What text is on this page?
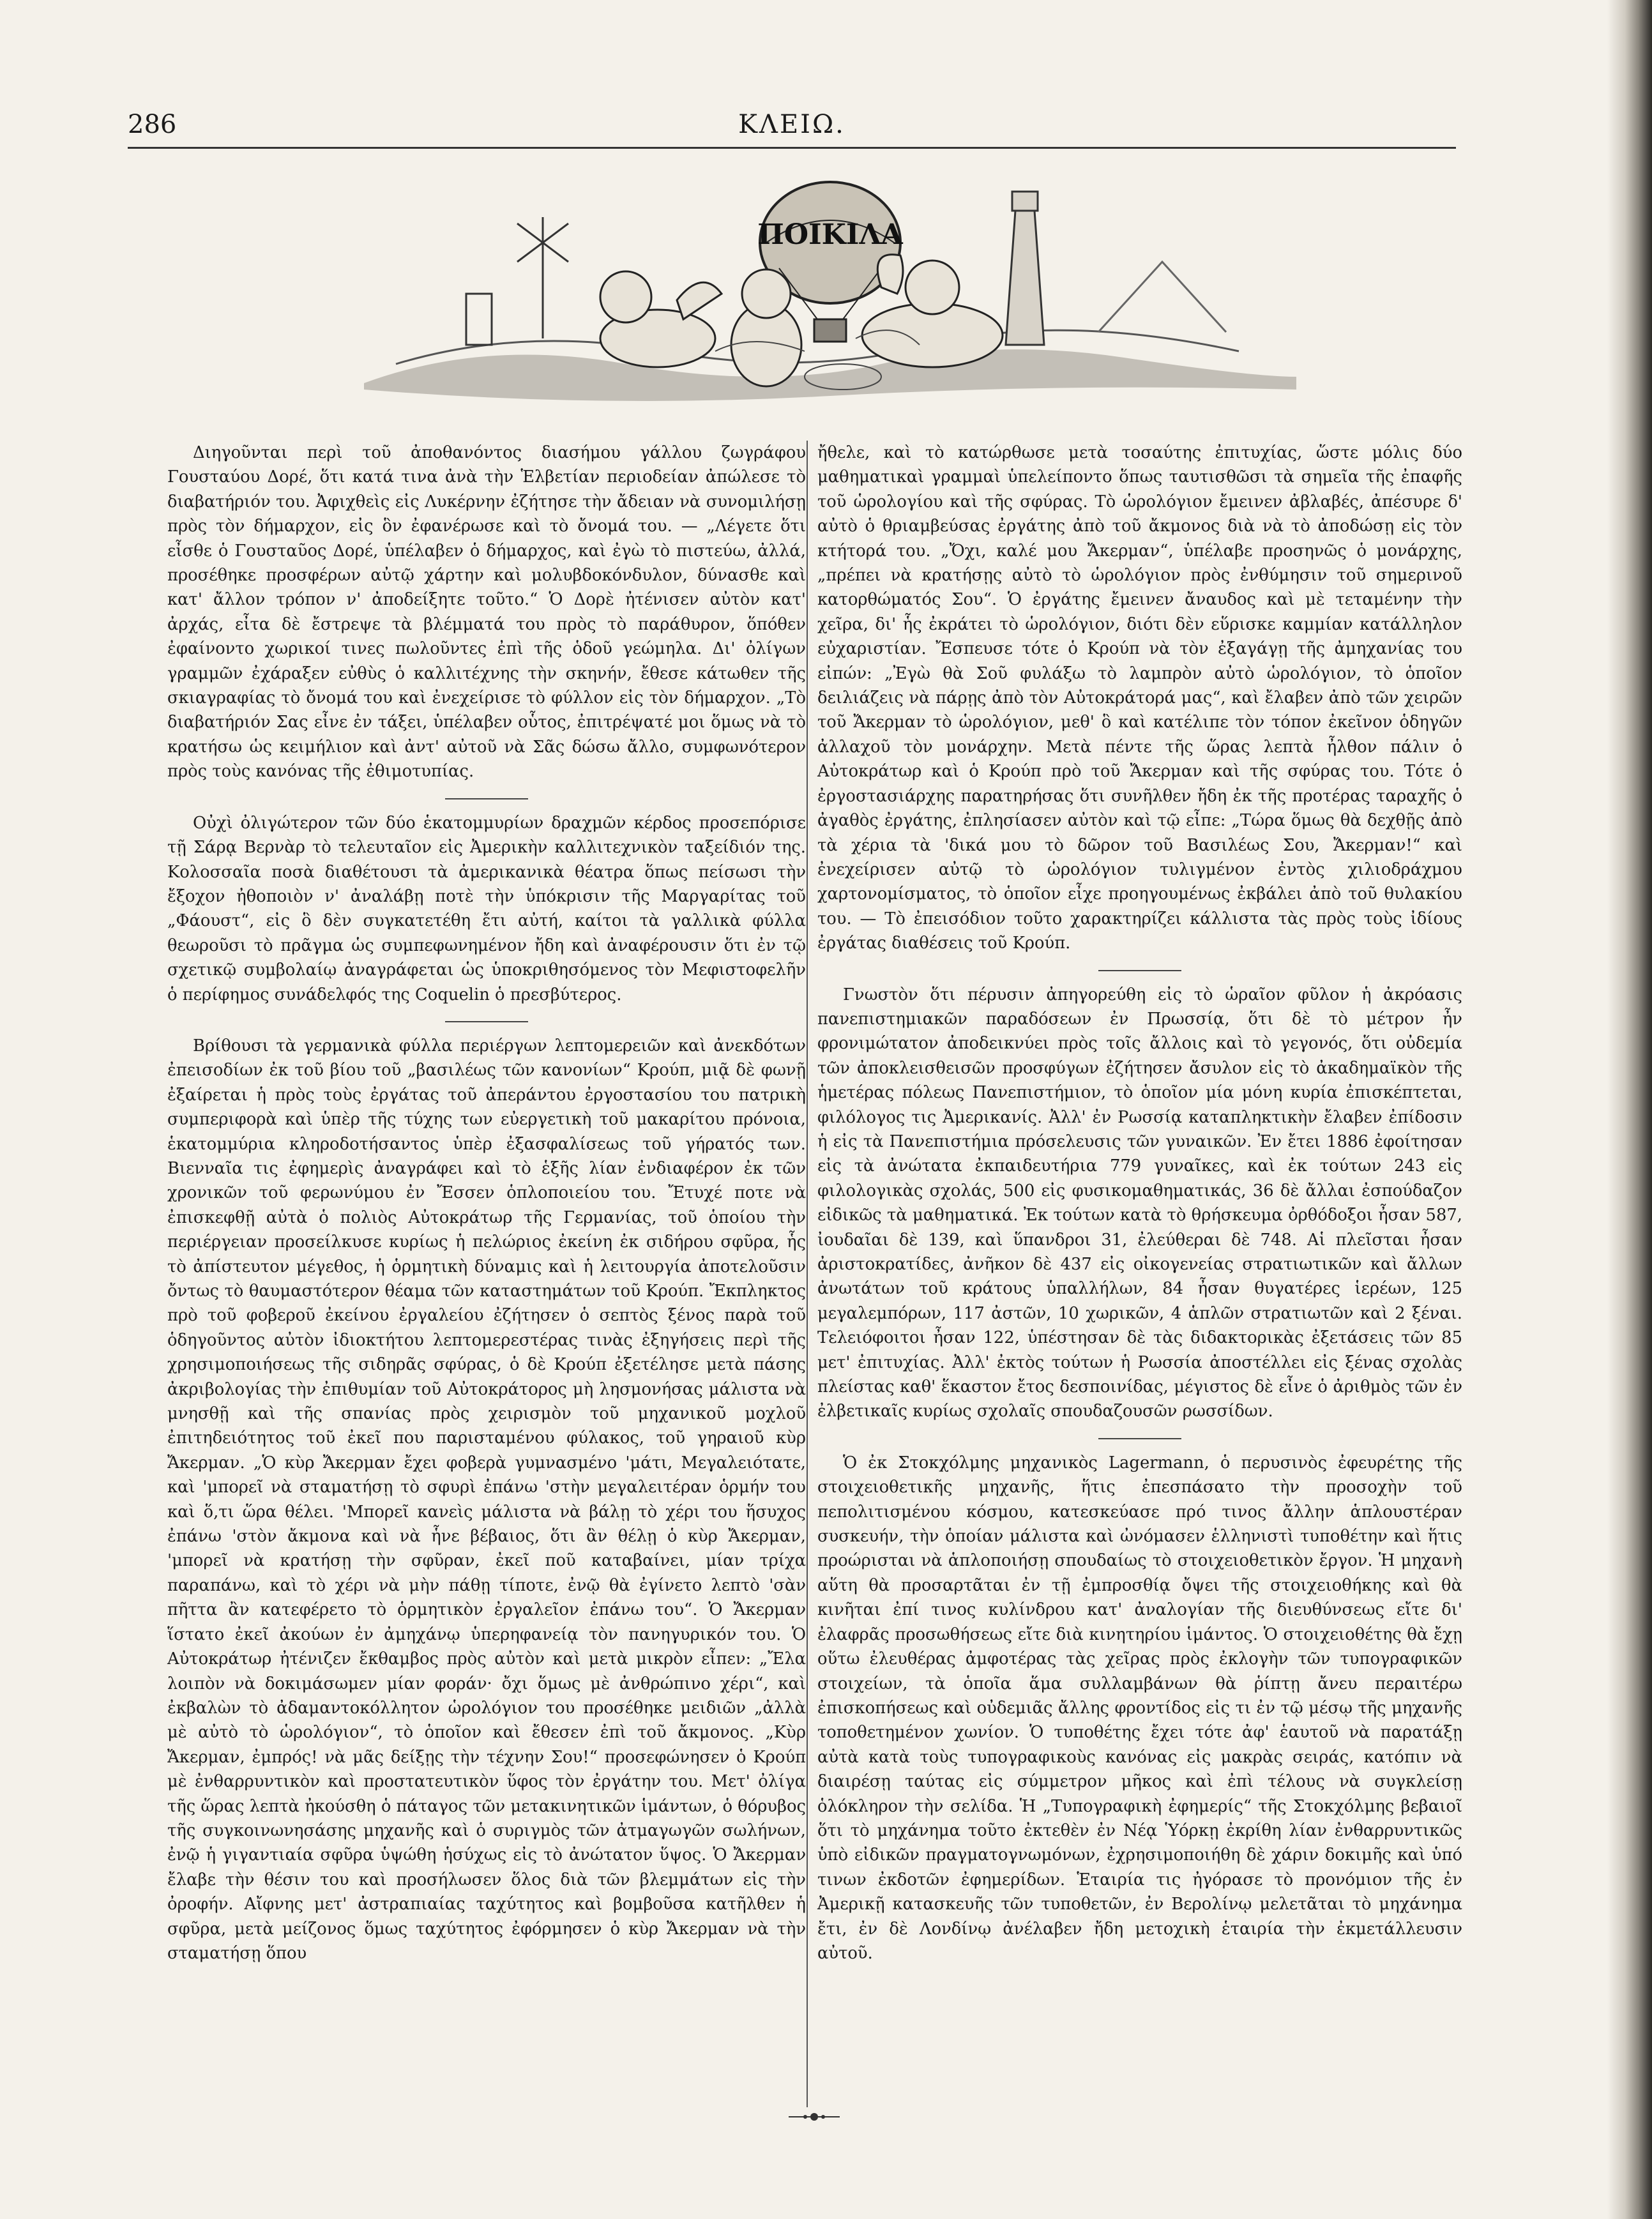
286	ΚΛΕΙΩ.
ΠΟΙΚΙΛΑ

Διηγοῦνται περὶ τοῦ ἀποθανόντος διασήμου γάλλου ζωγράφου Γουσταύου Δορέ, ὅτι κατά τινα ἀνὰ τὴν Ἑλβετίαν περιοδείαν ἀπώλεσε τὸ διαβατήριόν του. Ἀφιχθεὶς εἰς Λυκέρνην ἐζήτησε τὴν ἄδειαν νὰ συνομιλήσῃ πρὸς τὸν δήμαρχον, εἰς ὃν ἐφανέρωσε καὶ τὸ ὄνομά του. — „Λέγετε ὅτι εἶσθε ὁ Γουσταῦος Δορέ, ὑπέλαβεν ὁ δήμαρχος, καὶ ἐγὼ τὸ πιστεύω, ἀλλά, προσέθηκε προσφέρων αὐτῷ χάρτην καὶ μολυβδοκόνδυλον, δύνασθε καὶ κατ' ἄλλον τρόπον ν' ἀποδείξητε τοῦτο.“ Ὁ Δορὲ ἠτένισεν αὐτὸν κατ' ἀρχάς, εἶτα δὲ ἔστρεψε τὰ βλέμματά του πρὸς τὸ παράθυρον, ὅπόθεν ἐφαίνοντο χωρικοί τινες πωλοῦντες ἐπὶ τῆς ὁδοῦ γεώμηλα. Δι' ὀλίγων γραμμῶν ἐχάραξεν εὐθὺς ὁ καλλιτέχνης τὴν σκηνήν, ἔθεσε κάτωθεν τῆς σκιαγραφίας τὸ ὄνομά του καὶ ἐνεχείρισε τὸ φύλλον εἰς τὸν δήμαρχον. „Τὸ διαβατήριόν Σας εἶνε ἐν τάξει, ὑπέλαβεν οὗτος, ἐπιτρέψατέ μοι ὅμως νὰ τὸ κρατήσω ὡς κειμήλιον καὶ ἀντ' αὐτοῦ νὰ Σᾶς δώσω ἄλλο, συμφωνότερον πρὸς τοὺς κανόνας τῆς ἐθιμοτυπίας.

Οὐχὶ ὀλιγώτερον τῶν δύο ἑκατομμυρίων δραχμῶν κέρδος προσεπόρισε τῇ Σάρᾳ Βερνὰρ τὸ τελευταῖον εἰς Ἀμερικὴν καλλιτεχνικὸν ταξείδιόν της. Κολοσσαῖα ποσὰ διαθέτουσι τὰ ἀμερικανικὰ θέατρα ὅπως πείσωσι τὴν ἔξοχον ἠθοποιὸν ν' ἀναλάβῃ ποτὲ τὴν ὑπόκρισιν τῆς Μαργαρίτας τοῦ „Φάουστ“, εἰς ὃ δὲν συγκατετέθη ἔτι αὐτή, καίτοι τὰ γαλλικὰ φύλλα θεωροῦσι τὸ πρᾶγμα ὡς συμπεφωνημένον ἤδη καὶ ἀναφέρουσιν ὅτι ἐν τῷ σχετικῷ συμβολαίῳ ἀναγράφεται ὡς ὑποκριθησόμενος τὸν Μεφιστοφελῆν ὁ περίφημος συνάδελφός της Coquelin ὁ πρεσβύτερος.

Βρίθουσι τὰ γερμανικὰ φύλλα περιέργων λεπτομερειῶν καὶ ἀνεκδότων ἐπεισοδίων ἐκ τοῦ βίου τοῦ „βασιλέως τῶν κανονίων“ Κρούπ, μιᾷ δὲ φωνῇ ἐξαίρεται ἡ πρὸς τοὺς ἐργάτας τοῦ ἀπεράντου ἐργοστασίου του πατρικὴ συμπεριφορὰ καὶ ὑπὲρ τῆς τύχης των εὐεργετικὴ τοῦ μακαρίτου πρόνοια, ἑκατομμύρια κληροδοτήσαντος ὑπὲρ ἐξασφαλίσεως τοῦ γήρατός των. Βιενναῖα τις ἐφημερὶς ἀναγράφει καὶ τὸ ἑξῆς λίαν ἐνδιαφέρον ἐκ τῶν χρονικῶν τοῦ φερωνύμου ἐν Ἔσσεν ὁπλοποιείου του. Ἔτυχέ ποτε νὰ ἐπισκεφθῇ αὐτὰ ὁ πολιὸς Αὐτοκράτωρ τῆς Γερμανίας, τοῦ ὁποίου τὴν περιέργειαν προσείλκυσε κυρίως ἡ πελώριος ἐκείνη ἐκ σιδήρου σφῦρα, ἧς τὸ ἀπίστευτον μέγεθος, ἡ ὁρμητικὴ δύναμις καὶ ἡ λειτουργία ἀποτελοῦσιν ὄντως τὸ θαυμαστότερον θέαμα τῶν καταστημάτων τοῦ Κρούπ. Ἔκπληκτος πρὸ τοῦ φοβεροῦ ἐκείνου ἐργαλείου ἐζήτησεν ὁ σεπτὸς ξένος παρὰ τοῦ ὁδηγοῦντος αὐτὸν ἰδιοκτήτου λεπτομερεστέρας τινὰς ἐξηγήσεις περὶ τῆς χρησιμοποιήσεως τῆς σιδηρᾶς σφύρας, ὁ δὲ Κρούπ ἐξετέλησε μετὰ πάσης ἀκριβολογίας τὴν ἐπιθυμίαν τοῦ Αὐτοκράτορος μὴ λησμονήσας μάλιστα νὰ μνησθῇ καὶ τῆς σπανίας πρὸς χειρισμὸν τοῦ μηχανικοῦ μοχλοῦ ἐπιτηδειότητος τοῦ ἐκεῖ που παρισταμένου φύλακος, τοῦ γηραιοῦ κὺρ Ἄκερμαν. „Ὁ κὺρ Ἄκερμαν ἔχει φοβερὰ γυμνασμένο 'μάτι, Μεγαλειότατε, καὶ 'μπορεῖ νὰ σταματήσῃ τὸ σφυρὶ ἐπάνω 'στὴν μεγαλειτέραν ὁρμήν του καὶ ὅ,τι ὥρα θέλει. 'Μπορεῖ κανεὶς μάλιστα νὰ βάλῃ τὸ χέρι του ἥσυχος ἐπάνω 'στὸν ἄκμονα καὶ νὰ ἧνε βέβαιος, ὅτι ἂν θέλῃ ὁ κὺρ Ἄκερμαν, 'μπορεῖ νὰ κρατήσῃ τὴν σφῦραν, ἐκεῖ ποῦ καταβαίνει, μίαν τρίχα παραπάνω, καὶ τὸ χέρι νὰ μὴν πάθῃ τίποτε, ἐνῷ θὰ ἐγίνετο λεπτὸ 'σὰν πῆττα ἂν κατεφέρετο τὸ ὁρμητικὸν ἐργαλεῖον ἐπάνω του“. Ὁ Ἄκερμαν ἵστατο ἐκεῖ ἀκούων ἐν ἀμηχάνῳ ὑπερηφανείᾳ τὸν πανηγυρικόν του. Ὁ Αὐτοκράτωρ ἠτένιζεν ἔκθαμβος πρὸς αὐτὸν καὶ μετὰ μικρὸν εἶπεν: „Ἔλα λοιπὸν νὰ δοκιμάσωμεν μίαν φοράν· ὄχι ὅμως μὲ ἀνθρώπινο χέρι“, καὶ ἐκβαλὼν τὸ ἀδαμαντοκόλλητον ὡρολόγιον του προσέθηκε μειδιῶν „ἀλλὰ μὲ αὐτὸ τὸ ὡρολόγιον“, τὸ ὁποῖον καὶ ἔθεσεν ἐπὶ τοῦ ἄκμονος. „Κὺρ Ἄκερμαν, ἐμπρός! νὰ μᾶς δείξῃς τὴν τέχνην Σου!“ προσεφώνησεν ὁ Κρούπ μὲ ἐνθαρρυντικὸν καὶ προστατευτικὸν ὕφος τὸν ἐργάτην του. Μετ' ὀλίγα τῆς ὥρας λεπτὰ ἠκούσθη ὁ πάταγος τῶν μετακινητικῶν ἱμάντων, ὁ θόρυβος τῆς συγκοινωνησάσης μηχανῆς καὶ ὁ συριγμὸς τῶν ἀτμαγωγῶν σωλήνων, ἐνῷ ἡ γιγαντιαία σφῦρα ὑψώθη ἡσύχως εἰς τὸ ἀνώτατον ὕψος. Ὁ Ἄκερμαν ἔλαβε τὴν θέσιν του καὶ προσήλωσεν ὅλος διὰ τῶν βλεμμάτων εἰς τὴν ὀροφήν. Αἴφνης μετ' ἀστραπιαίας ταχύτητος καὶ βομβοῦσα κατῆλθεν ἡ σφῦρα, μετὰ μείζονος ὅμως ταχύτητος ἐφόρμησεν ὁ κὺρ Ἄκερμαν νὰ τὴν σταματήσῃ ὅπου

ἤθελε, καὶ τὸ κατώρθωσε μετὰ τοσαύτης ἐπιτυχίας, ὥστε μόλις δύο μαθηματικαὶ γραμμαὶ ὑπελείποντο ὅπως ταυτισθῶσι τὰ σημεῖα τῆς ἐπαφῆς τοῦ ὡρολογίου καὶ τῆς σφύρας. Τὸ ὡρολόγιον ἔμεινεν ἀβλαβές, ἀπέσυρε δ' αὐτὸ ὁ θριαμβεύσας ἐργάτης ἀπὸ τοῦ ἄκμονος διὰ νὰ τὸ ἀποδώσῃ εἰς τὸν κτήτορά του. „Ὄχι, καλέ μου Ἄκερμαν“, ὑπέλαβε προσηνῶς ὁ μονάρχης, „πρέπει νὰ κρατήσῃς αὐτὸ τὸ ὡρολόγιον πρὸς ἐνθύμησιν τοῦ σημερινοῦ κατορθώματός Σου“. Ὁ ἐργάτης ἔμεινεν ἄναυδος καὶ μὲ τεταμένην τὴν χεῖρα, δι' ἧς ἐκράτει τὸ ὡρολόγιον, διότι δὲν εὕρισκε καμμίαν κατάλληλον εὐχαριστίαν. Ἔσπευσε τότε ὁ Κρούπ νὰ τὸν ἐξαγάγῃ τῆς ἀμηχανίας του εἰπών: „Ἐγὼ θὰ Σοῦ φυλάξω τὸ λαμπρὸν αὐτὸ ὡρολόγιον, τὸ ὁποῖον δειλιάζεις νὰ πάρῃς ἀπὸ τὸν Αὐτοκράτορά μας“, καὶ ἔλαβεν ἀπὸ τῶν χειρῶν τοῦ Ἄκερμαν τὸ ὡρολόγιον, μεθ' ὃ καὶ κατέλιπε τὸν τόπον ἐκεῖνον ὁδηγῶν ἀλλαχοῦ τὸν μονάρχην. Μετὰ πέντε τῆς ὥρας λεπτὰ ἦλθον πάλιν ὁ Αὐτοκράτωρ καὶ ὁ Κρούπ πρὸ τοῦ Ἄκερμαν καὶ τῆς σφύρας του. Τότε ὁ ἐργοστασιάρχης παρατηρήσας ὅτι συνῆλθεν ἤδη ἐκ τῆς προτέρας ταραχῆς ὁ ἀγαθὸς ἐργάτης, ἐπλησίασεν αὐτὸν καὶ τῷ εἶπε: „Τώρα ὅμως θὰ δεχθῇς ἀπὸ τὰ χέρια τὰ 'δικά μου τὸ δῶρον τοῦ Βασιλέως Σου, Ἄκερμαν!“ καὶ ἐνεχείρισεν αὐτῷ τὸ ὡρολόγιον τυλιγμένον ἐντὸς χιλιοδράχμου χαρτονομίσματος, τὸ ὁποῖον εἶχε προηγουμένως ἐκβάλει ἀπὸ τοῦ θυλακίου του. — Τὸ ἐπεισόδιον τοῦτο χαρακτηρίζει κάλλιστα τὰς πρὸς τοὺς ἰδίους ἐργάτας διαθέσεις τοῦ Κρούπ.

Γνωστὸν ὅτι πέρυσιν ἀπηγορεύθη εἰς τὸ ὡραῖον φῦλον ἡ ἀκρόασις πανεπιστημιακῶν παραδόσεων ἐν Πρωσσίᾳ, ὅτι δὲ τὸ μέτρον ἦν φρονιμώτατον ἀποδεικνύει πρὸς τοῖς ἄλλοις καὶ τὸ γεγονός, ὅτι οὐδεμία τῶν ἀποκλεισθεισῶν προσφύγων ἐζήτησεν ἄσυλον εἰς τὸ ἀκαδημαϊκὸν τῆς ἡμετέρας πόλεως Πανεπιστήμιον, τὸ ὁποῖον μία μόνη κυρία ἐπισκέπτεται, φιλόλογος τις Ἀμερικανίς. Ἀλλ' ἐν Ρωσσίᾳ καταπληκτικὴν ἔλαβεν ἐπίδοσιν ἡ εἰς τὰ Πανεπιστήμια πρόσελευσις τῶν γυναικῶν. Ἐν ἔτει 1886 ἐφοίτησαν εἰς τὰ ἀνώτατα ἐκπαιδευτήρια 779 γυναῖκες, καὶ ἐκ τούτων 243 εἰς φιλολογικὰς σχολάς, 500 εἰς φυσικομαθηματικάς, 36 δὲ ἄλλαι ἐσπούδαζον εἰδικῶς τὰ μαθηματικά. Ἐκ τούτων κατὰ τὸ θρήσκευμα ὀρθόδοξοι ἦσαν 587, ἰουδαῖαι δὲ 139, καὶ ὕπανδροι 31, ἐλεύθεραι δὲ 748. Αἱ πλεῖσται ἦσαν ἀριστοκρατίδες, ἀνῆκον δὲ 437 εἰς οἰκογενείας στρατιωτικῶν καὶ ἄλλων ἀνωτάτων τοῦ κράτους ὑπαλλήλων, 84 ἦσαν θυγατέρες ἱερέων, 125 μεγαλεμπόρων, 117 ἀστῶν, 10 χωρικῶν, 4 ἁπλῶν στρατιωτῶν καὶ 2 ξέναι. Τελειόφοιτοι ἦσαν 122, ὑπέστησαν δὲ τὰς διδακτορικὰς ἐξετάσεις τῶν 85 μετ' ἐπιτυχίας. Ἀλλ' ἐκτὸς τούτων ἡ Ρωσσία ἀποστέλλει εἰς ξένας σχολὰς πλείστας καθ' ἕκαστον ἔτος δεσποινίδας, μέγιστος δὲ εἶνε ὁ ἀριθμὸς τῶν ἐν ἐλβετικαῖς κυρίως σχολαῖς σπουδαζουσῶν ρωσσίδων.

Ὁ ἐκ Στοκχόλμης μηχανικὸς Lagermann, ὁ περυσινὸς ἐφευρέτης τῆς στοιχειοθετικῆς μηχανῆς, ἥτις ἐπεσπάσατο τὴν προσοχὴν τοῦ πεπολιτισμένου κόσμου, κατεσκεύασε πρό τινος ἄλλην ἁπλουστέραν συσκευήν, τὴν ὁποίαν μάλιστα καὶ ὠνόμασεν ἑλληνιστὶ τυποθέτην καὶ ἥτις προώρισται νὰ ἁπλοποιήσῃ σπουδαίως τὸ στοιχειοθετικὸν ἔργον. Ἡ μηχανὴ αὕτη θὰ προσαρτᾶται ἐν τῇ ἐμπροσθίᾳ ὄψει τῆς στοιχειοθήκης καὶ θὰ κινῆται ἐπί τινος κυλίνδρου κατ' ἀναλογίαν τῆς διευθύνσεως εἴτε δι' ἐλαφρᾶς προσωθήσεως εἴτε διὰ κινητηρίου ἱμάντος. Ὁ στοιχειοθέτης θὰ ἔχῃ οὕτω ἐλευθέρας ἀμφοτέρας τὰς χεῖρας πρὸς ἐκλογὴν τῶν τυπογραφικῶν στοιχείων, τὰ ὁποῖα ἅμα συλλαμβάνων θὰ ῥίπτῃ ἄνευ περαιτέρω ἐπισκοπήσεως καὶ οὐδεμιᾶς ἄλλης φροντίδος εἰς τι ἐν τῷ μέσῳ τῆς μηχανῆς τοποθετημένον χωνίον. Ὁ τυποθέτης ἔχει τότε ἀφ' ἑαυτοῦ νὰ παρατάξῃ αὐτὰ κατὰ τοὺς τυπογραφικοὺς κανόνας εἰς μακρὰς σειράς, κατόπιν νὰ διαιρέσῃ ταύτας εἰς σύμμετρον μῆκος καὶ ἐπὶ τέλους νὰ συγκλείσῃ ὁλόκληρον τὴν σελίδα. Ἡ „Τυπογραφικὴ ἐφημερίς“ τῆς Στοκχόλμης βεβαιοῖ ὅτι τὸ μηχάνημα τοῦτο ἐκτεθὲν ἐν Νέᾳ Ὑόρκῃ ἐκρίθη λίαν ἐνθαρρυντικῶς ὑπὸ εἰδικῶν πραγματογνωμόνων, ἐχρησιμοποιήθη δὲ χάριν δοκιμῆς καὶ ὑπό τινων ἐκδοτῶν ἐφημερίδων. Ἑταιρία τις ἠγόρασε τὸ προνόμιον τῆς ἐν Ἀμερικῇ κατασκευῆς τῶν τυποθετῶν, ἐν Βερολίνῳ μελετᾶται τὸ μηχάνημα ἔτι, ἐν δὲ Λονδίνῳ ἀνέλαβεν ἤδη μετοχικὴ ἑταιρία τὴν ἐκμετάλλευσιν αὐτοῦ.
